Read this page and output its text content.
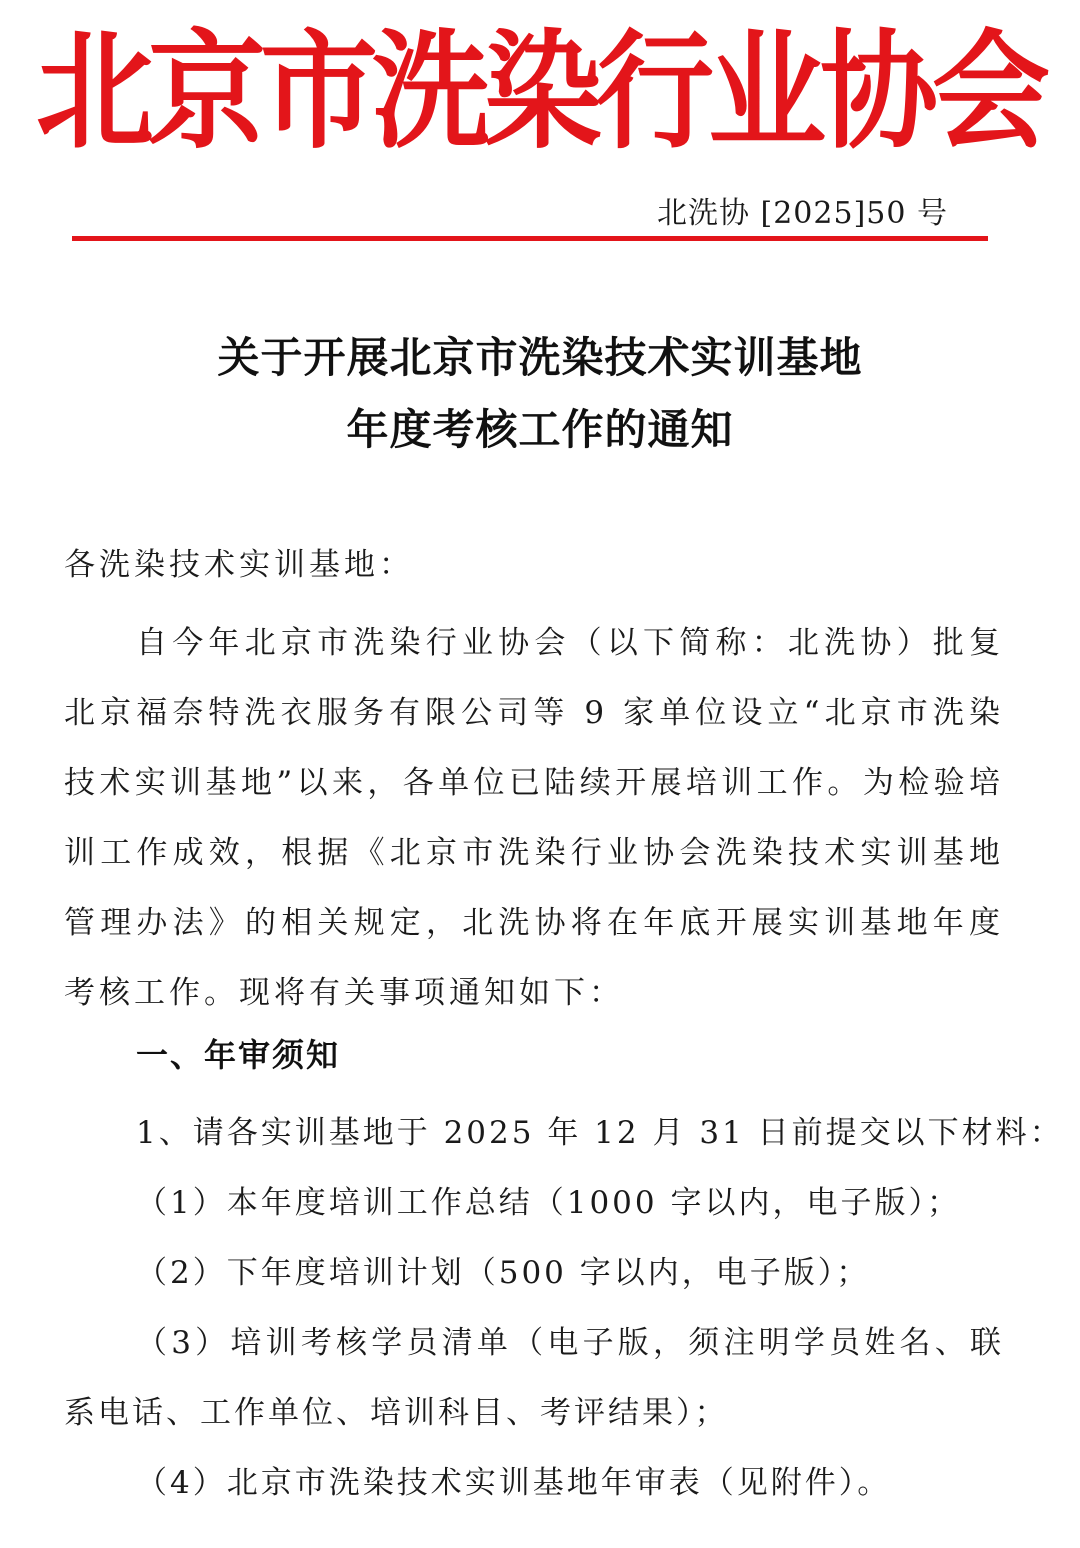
北京市洗染行业协会
北洗协 [2025]50 号
关于开展北京市洗染技术实训基地
年度考核工作的通知
各洗染技术实训基地：
自今年北京市洗染行业协会（以下简称：北洗协）批复北京福奈特洗衣服务有限公司等 9 家单位设立“北京市洗染技术实训基地”以来，各单位已陆续开展培训工作。为检验培训工作成效，根据《北京市洗染行业协会洗染技术实训基地管理办法》的相关规定，北洗协将在年底开展实训基地年度考核工作。现将有关事项通知如下：
一、年审须知
1、请各实训基地于 2025 年 12 月 31 日前提交以下材料：
（1）本年度培训工作总结（1000 字以内，电子版）；
（2）下年度培训计划（500 字以内，电子版）；
（3）培训考核学员清单（电子版，须注明学员姓名、联系电话、工作单位、培训科目、考评结果）；
（4）北京市洗染技术实训基地年审表（见附件）。
